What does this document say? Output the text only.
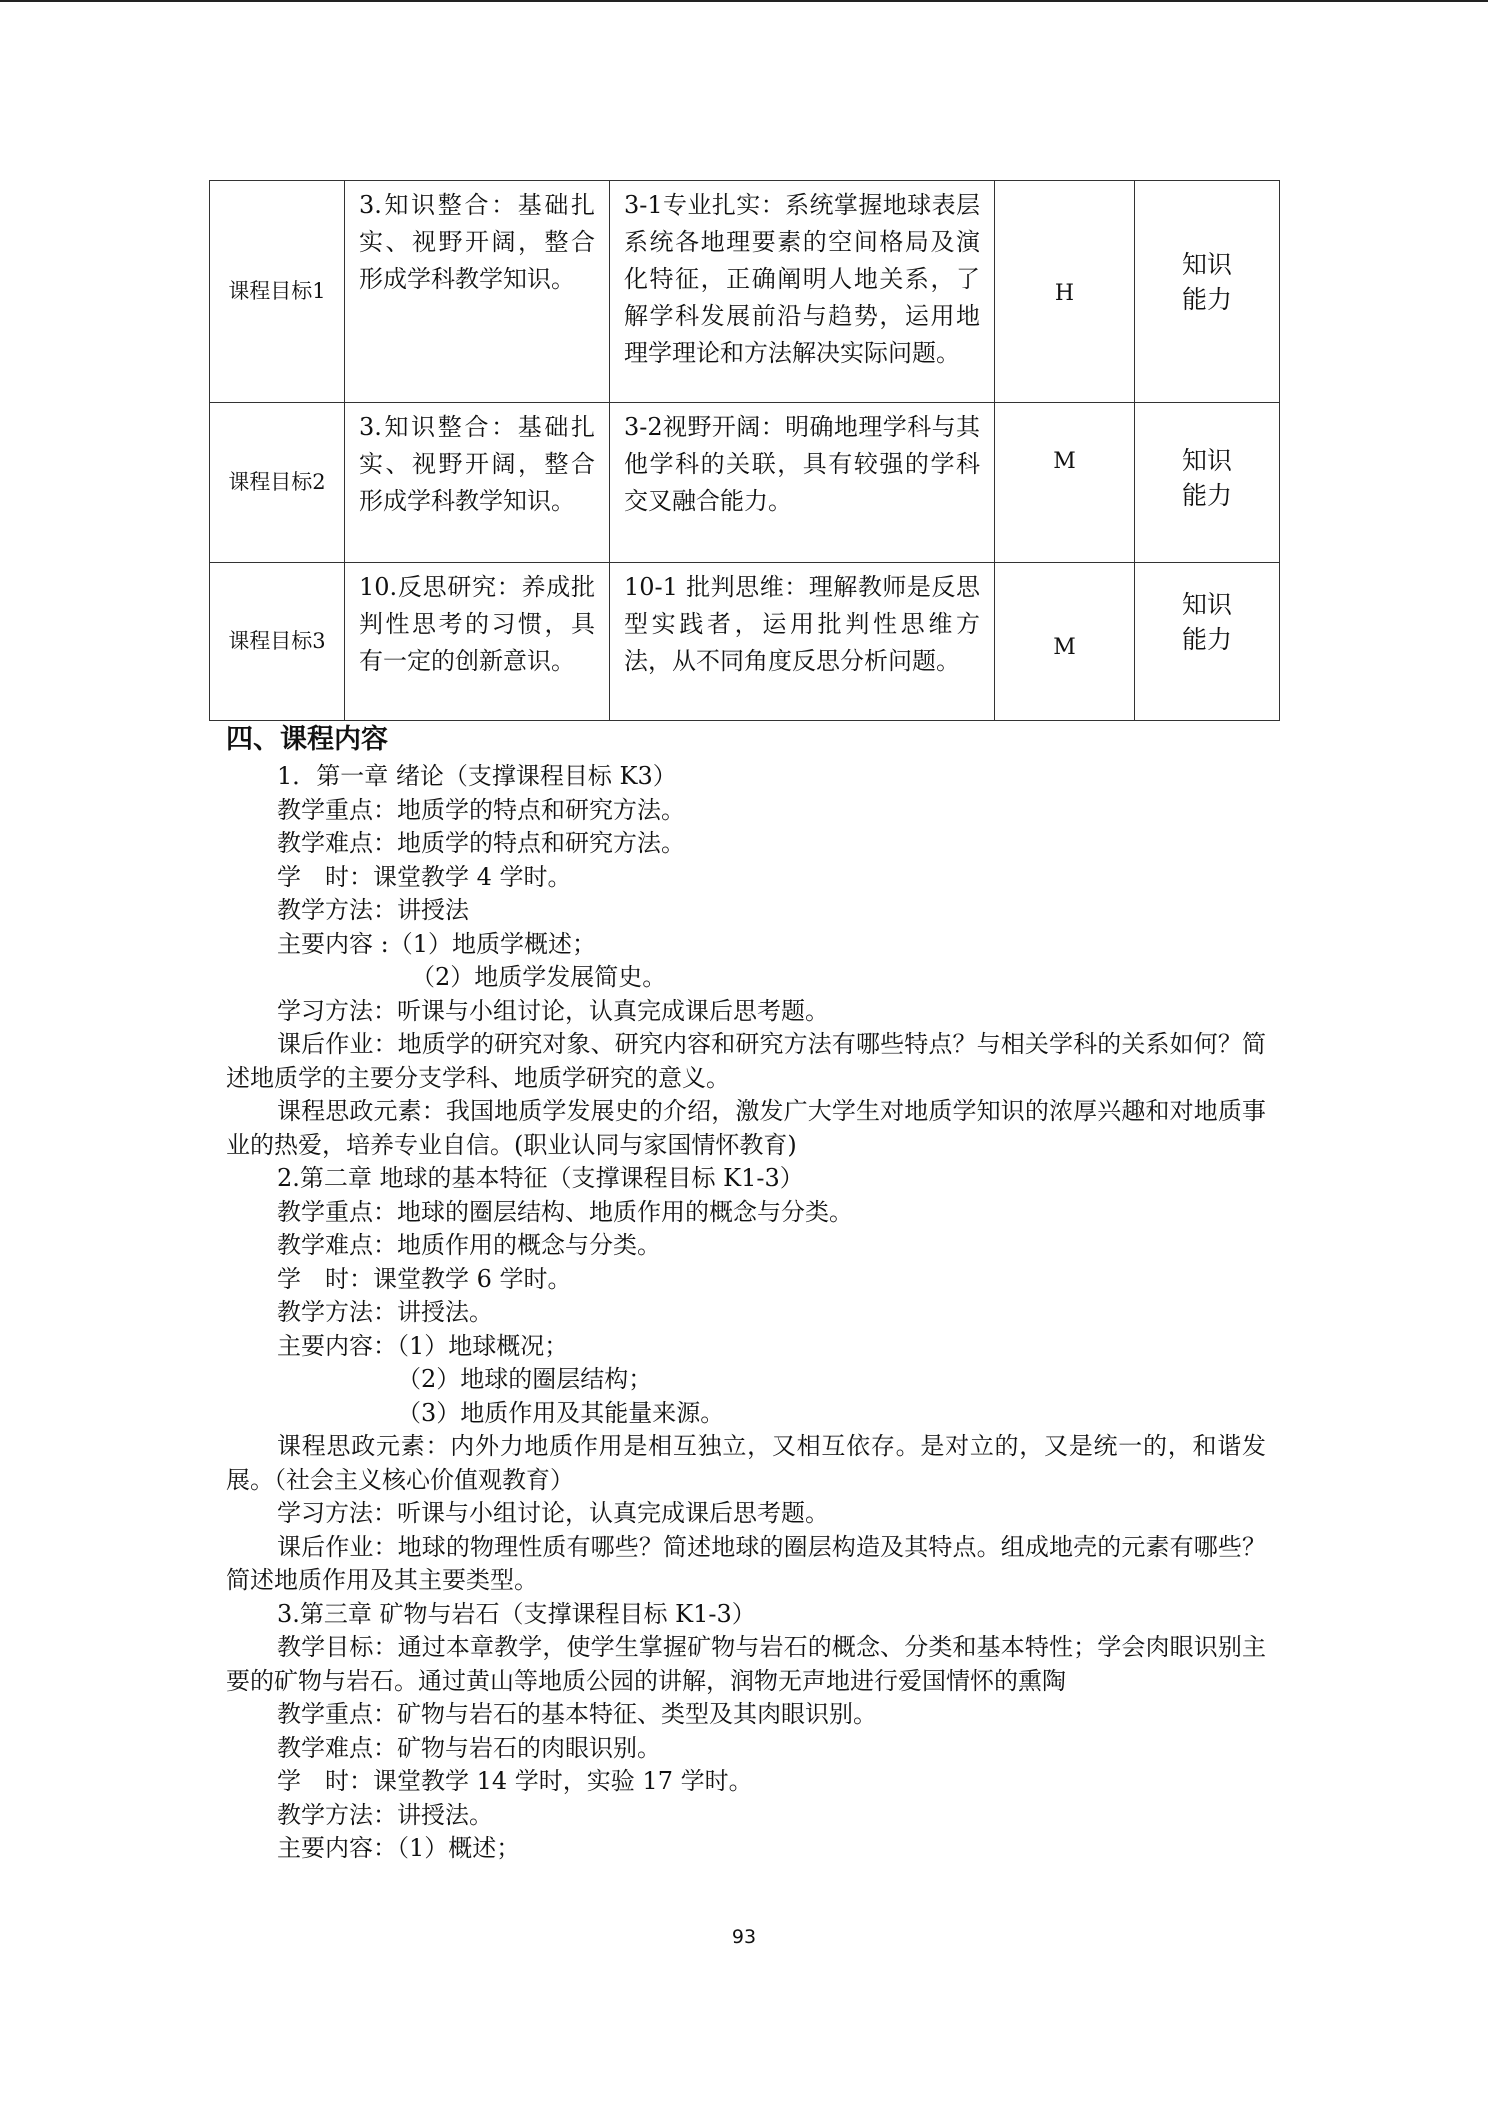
课程目标1	3.知识整合：基础扎实、视野开阔，整合形成学科教学知识。	3-1专业扎实：系统掌握地球表层系统各地理要素的空间格局及演化特征，正确阐明人地关系，了解学科发展前沿与趋势，运用地理学理论和方法解决实际问题。	H	知识
能力

课程目标2	3.知识整合：基础扎实、视野开阔，整合形成学科教学知识。	3-2视野开阔：明确地理学科与其他学科的关联，具有较强的学科交叉融合能力。	M	知识
能力

课程目标3	10.反思研究：养成批判性思考的习惯，具有一定的创新意识。	10-1 批判思维：理解教师是反思型实践者，运用批判性思维方法，从不同角度反思分析问题。	M	知识
能力
四、课程内容

1．第一章 绪论（支撑课程目标 K3）

教学重点：地质学的特点和研究方法。

教学难点：地质学的特点和研究方法。

学　时：课堂教学 4 学时。

教学方法：讲授法

主要内容 :（1）地质学概述；

（2）地质学发展简史。

学习方法：听课与小组讨论，认真完成课后思考题。

课后作业：地质学的研究对象、研究内容和研究方法有哪些特点？与相关学科的关系如何？简述地质学的主要分支学科、地质学研究的意义。

课程思政元素：我国地质学发展史的介绍，激发广大学生对地质学知识的浓厚兴趣和对地质事业的热爱，培养专业自信。(职业认同与家国情怀教育)

2.第二章 地球的基本特征（支撑课程目标 K1-3）

教学重点：地球的圈层结构、地质作用的概念与分类。

教学难点：地质作用的概念与分类。

学　时：课堂教学 6 学时。

教学方法：讲授法。

主要内容：（1）地球概况；

（2）地球的圈层结构；

（3）地质作用及其能量来源。

课程思政元素：内外力地质作用是相互独立，又相互依存。是对立的，又是统一的，和谐发展。（社会主义核心价值观教育）

学习方法：听课与小组讨论，认真完成课后思考题。

课后作业：地球的物理性质有哪些？简述地球的圈层构造及其特点。组成地壳的元素有哪些？简述地质作用及其主要类型。

3.第三章 矿物与岩石（支撑课程目标 K1-3）

教学目标：通过本章教学，使学生掌握矿物与岩石的概念、分类和基本特性；学会肉眼识别主要的矿物与岩石。通过黄山等地质公园的讲解，润物无声地进行爱国情怀的熏陶

教学重点：矿物与岩石的基本特征、类型及其肉眼识别。

教学难点：矿物与岩石的肉眼识别。

学　时：课堂教学 14 学时，实验 17 学时。

教学方法：讲授法。

主要内容：（1）概述；

93
